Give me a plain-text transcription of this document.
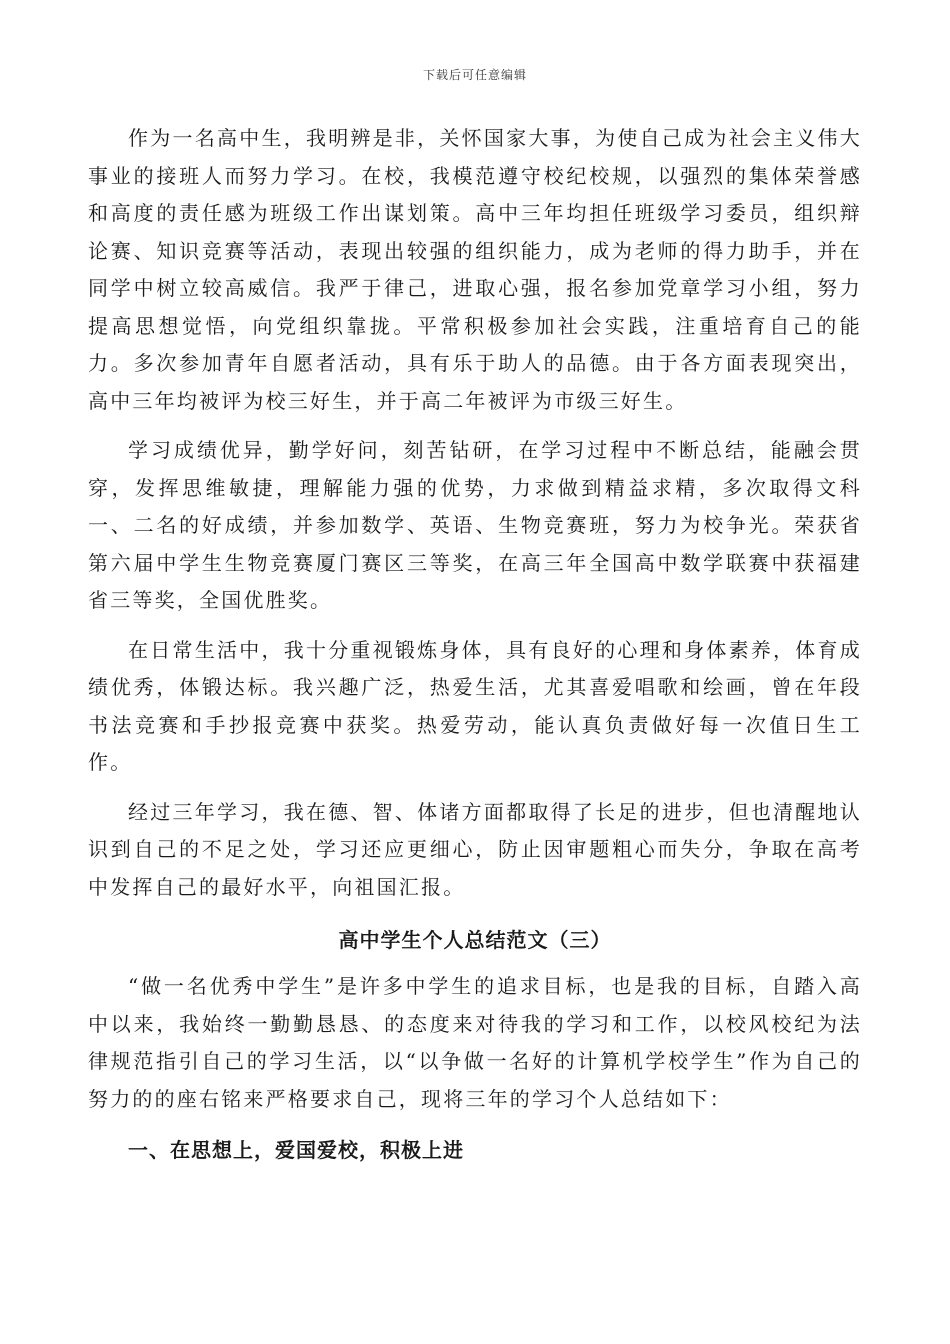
下载后可任意编辑

作为一名高中生，我明辨是非，关怀国家大事，为使自己成为社会主义伟大事业的接班人而努力学习。在校，我模范遵守校纪校规，以强烈的集体荣誉感和高度的责任感为班级工作出谋划策。高中三年均担任班级学习委员，组织辩论赛、知识竞赛等活动，表现出较强的组织能力，成为老师的得力助手，并在同学中树立较高威信。我严于律己，进取心强，报名参加党章学习小组，努力提高思想觉悟，向党组织靠拢。平常积极参加社会实践，注重培育自己的能力。多次参加青年自愿者活动，具有乐于助人的品德。由于各方面表现突出，高中三年均被评为校三好生，并于高二年被评为市级三好生。

学习成绩优异，勤学好问，刻苦钻研，在学习过程中不断总结，能融会贯穿，发挥思维敏捷，理解能力强的优势，力求做到精益求精，多次取得文科一、二名的好成绩，并参加数学、英语、生物竞赛班，努力为校争光。荣获省第六届中学生生物竞赛厦门赛区三等奖，在高三年全国高中数学联赛中获福建省三等奖，全国优胜奖。

在日常生活中，我十分重视锻炼身体，具有良好的心理和身体素养，体育成绩优秀，体锻达标。我兴趣广泛，热爱生活，尤其喜爱唱歌和绘画，曾在年段书法竞赛和手抄报竞赛中获奖。热爱劳动，能认真负责做好每一次值日生工作。

经过三年学习，我在德、智、体诸方面都取得了长足的进步，但也清醒地认识到自己的不足之处，学习还应更细心，防止因审题粗心而失分，争取在高考中发挥自己的最好水平，向祖国汇报。

高中学生个人总结范文（三）

“做一名优秀中学生”是许多中学生的追求目标，也是我的目标，自踏入高中以来，我始终一勤勤恳恳、的态度来对待我的学习和工作，以校风校纪为法律规范指引自己的学习生活，以“以争做一名好的计算机学校学生”作为自己的努力的的座右铭来严格要求自己，现将三年的学习个人总结如下：

一、在思想上，爱国爱校，积极上进
